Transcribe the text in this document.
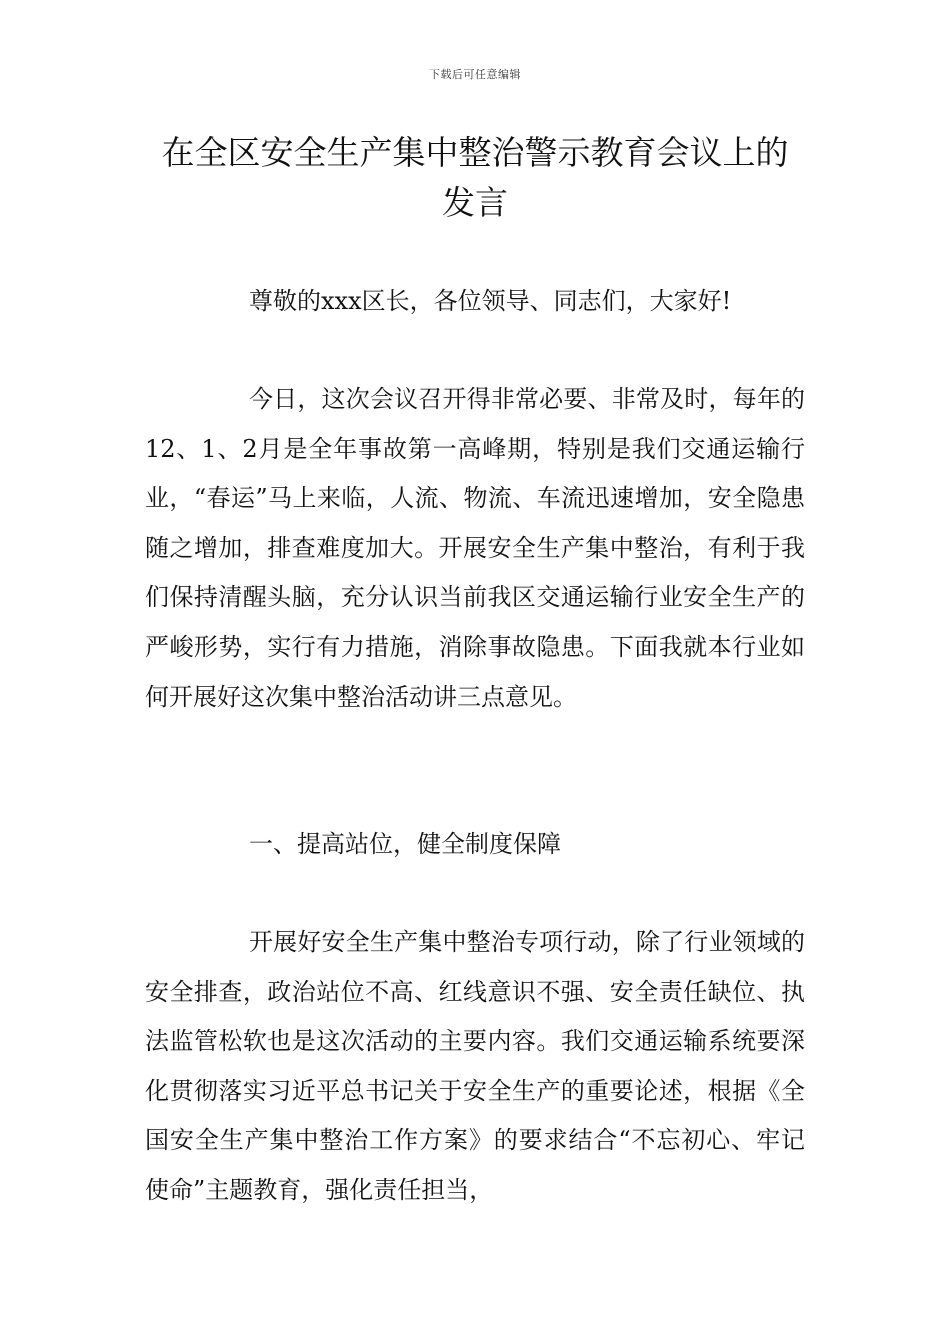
下载后可任意编辑
在全区安全生产集中整治警示教育会议上的发言

尊敬的xxx区长，各位领导、同志们，大家好!

今日，这次会议召开得非常必要、非常及时，每年的12、1、2月是全年事故第一高峰期，特别是我们交通运输行业，“春运”马上来临，人流、物流、车流迅速增加，安全隐患随之增加，排查难度加大。开展安全生产集中整治，有利于我们保持清醒头脑，充分认识当前我区交通运输行业安全生产的严峻形势，实行有力措施，消除事故隐患。下面我就本行业如何开展好这次集中整治活动讲三点意见。

一、提高站位，健全制度保障

开展好安全生产集中整治专项行动，除了行业领域的安全排查，政治站位不高、红线意识不强、安全责任缺位、执法监管松软也是这次活动的主要内容。我们交通运输系统要深化贯彻落实习近平总书记关于安全生产的重要论述，根据《全国安全生产集中整治工作方案》的要求结合“不忘初心、牢记使命”主题教育，强化责任担当，
